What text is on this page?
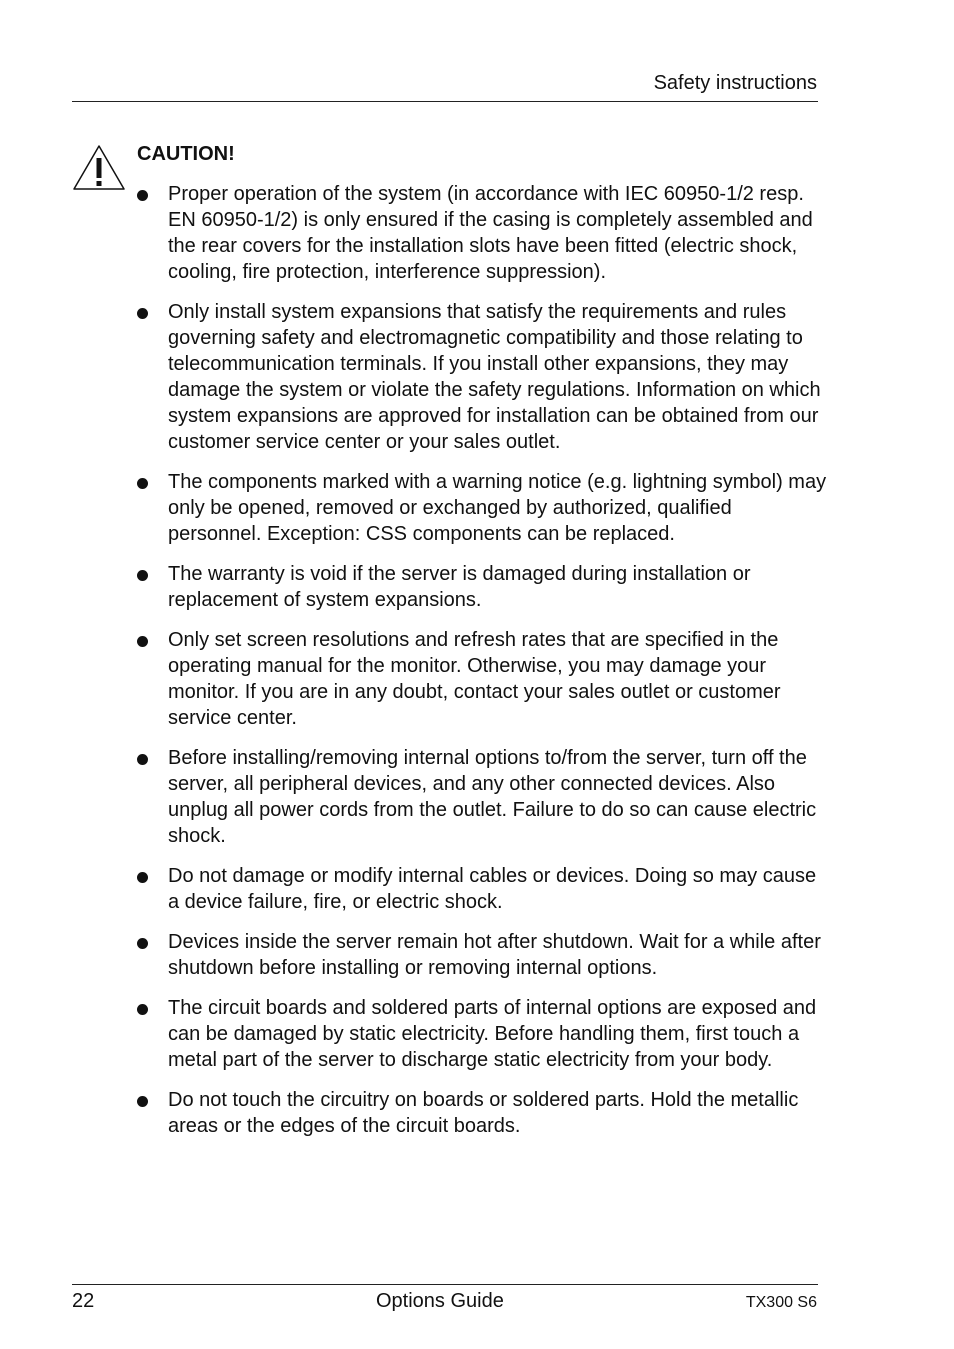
Safety instructions
CAUTION!
Proper operation of the system (in accordance with IEC 60950-1/2 resp. EN 60950-1/2) is only ensured if the casing is completely assembled and the rear covers for the installation slots have been fitted (electric shock, cooling, fire protection, interference suppression).
Only install system expansions that satisfy the requirements and rules governing safety and electromagnetic compatibility and those relating to telecommunication terminals. If you install other expansions, they may damage the system or violate the safety regulations. Information on which system expansions are approved for installation can be obtained from our customer service center or your sales outlet.
The components marked with a warning notice (e.g. lightning symbol) may only be opened, removed or exchanged by authorized, qualified personnel. Exception: CSS components can be replaced.
The warranty is void if the server is damaged during installation or replacement of system expansions.
Only set screen resolutions and refresh rates that are specified in the operating manual for the monitor. Otherwise, you may damage your monitor. If you are in any doubt, contact your sales outlet or customer service center.
Before installing/removing internal options to/from the server, turn off the server, all peripheral devices, and any other connected devices. Also unplug all power cords from the outlet. Failure to do so can cause electric shock.
Do not damage or modify internal cables or devices. Doing so may cause a device failure, fire, or electric shock.
Devices inside the server remain hot after shutdown. Wait for a while after shutdown before installing or removing internal options.
The circuit boards and soldered parts of internal options are exposed and can be damaged by static electricity. Before handling them, first touch a metal part of the server to discharge static electricity from your body.
Do not touch the circuitry on boards or soldered parts. Hold the metallic areas or the edges of the circuit boards.
22	Options Guide	TX300 S6
